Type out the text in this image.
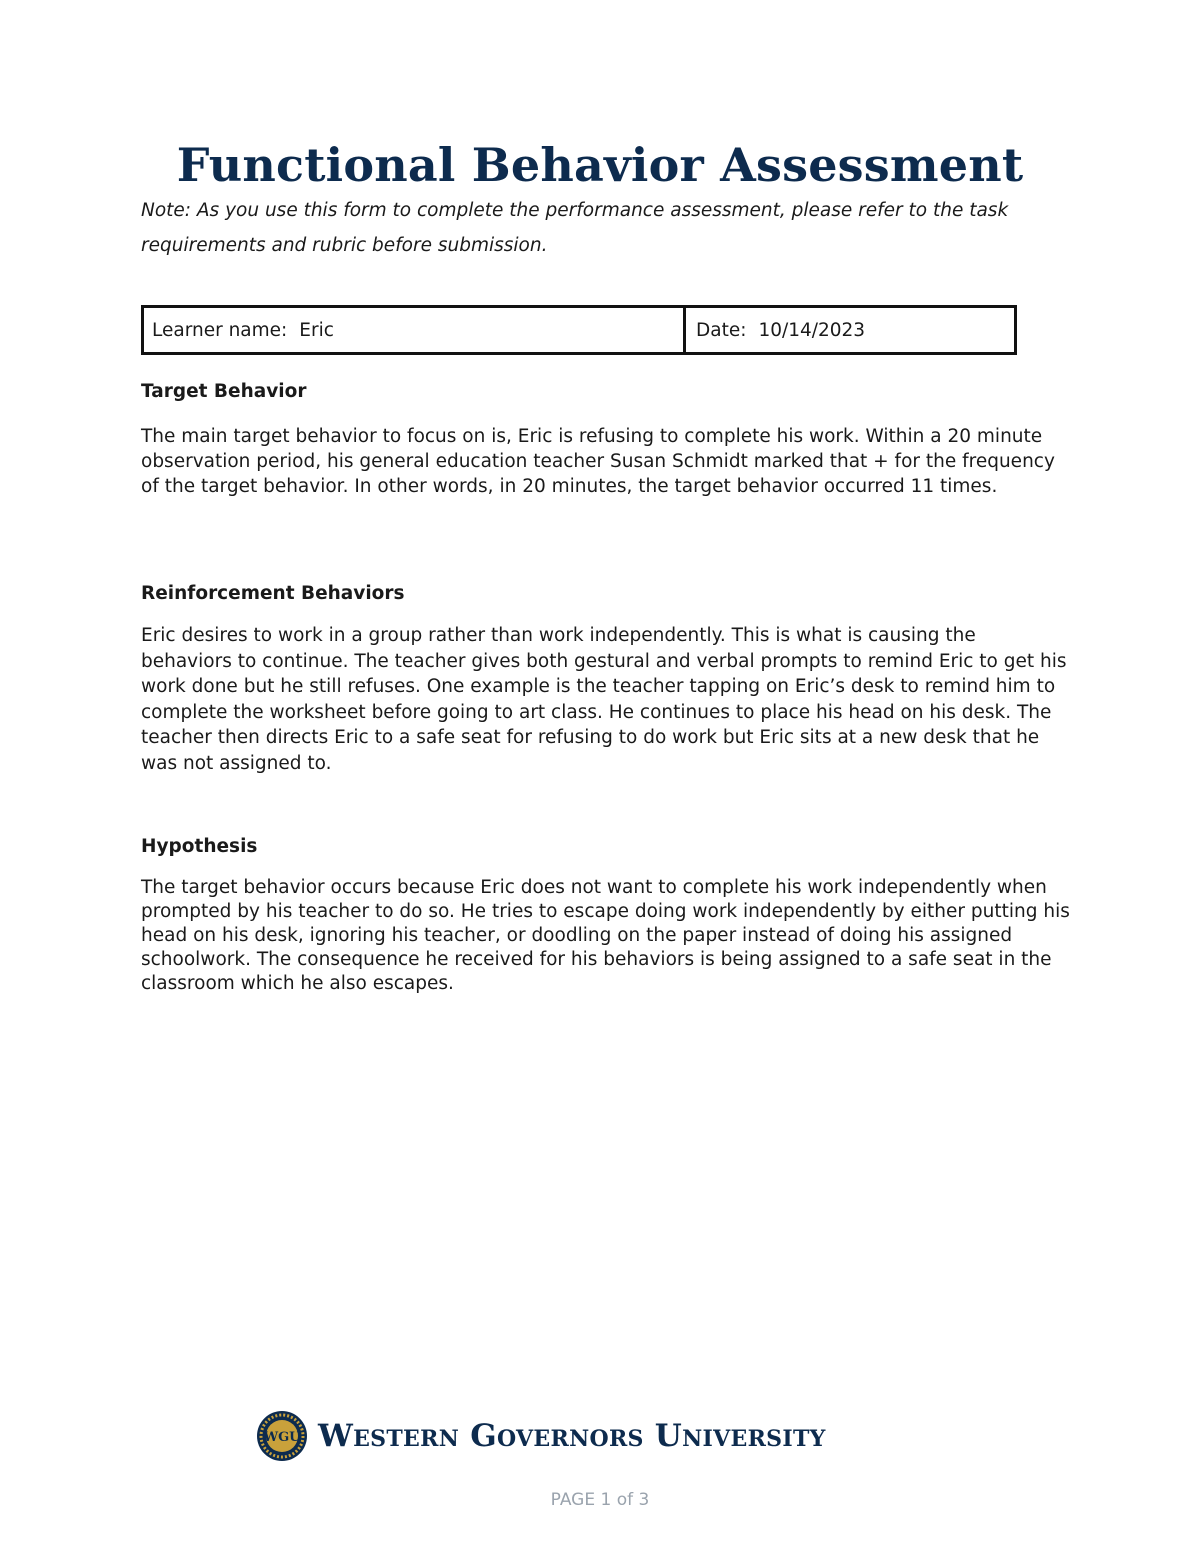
Functional Behavior Assessment
Note: As you use this form to complete the performance assessment, please refer to the task requirements and rubric before submission.
Learner name: Eric	Date: 10/14/2023
Target Behavior

The main target behavior to focus on is, Eric is refusing to complete his work. Within a 20 minute observation period, his general education teacher Susan Schmidt marked that + for the frequency of the target behavior. In other words, in 20 minutes, the target behavior occurred 11 times.

Reinforcement Behaviors

Eric desires to work in a group rather than work independently. This is what is causing the behaviors to continue. The teacher gives both gestural and verbal prompts to remind Eric to get his work done but he still refuses. One example is the teacher tapping on Eric’s desk to remind him to complete the worksheet before going to art class. He continues to place his head on his desk. The teacher then directs Eric to a safe seat for refusing to do work but Eric sits at a new desk that he was not assigned to.

Hypothesis

The target behavior occurs because Eric does not want to complete his work independently when prompted by his teacher to do so. He tries to escape doing work independently by either putting his head on his desk, ignoring his teacher, or doodling on the paper instead of doing his assigned schoolwork. The consequence he received for his behaviors is being assigned to a safe seat in the classroom which he also escapes.

WGU Western Governors University
PAGE 1 of 3
